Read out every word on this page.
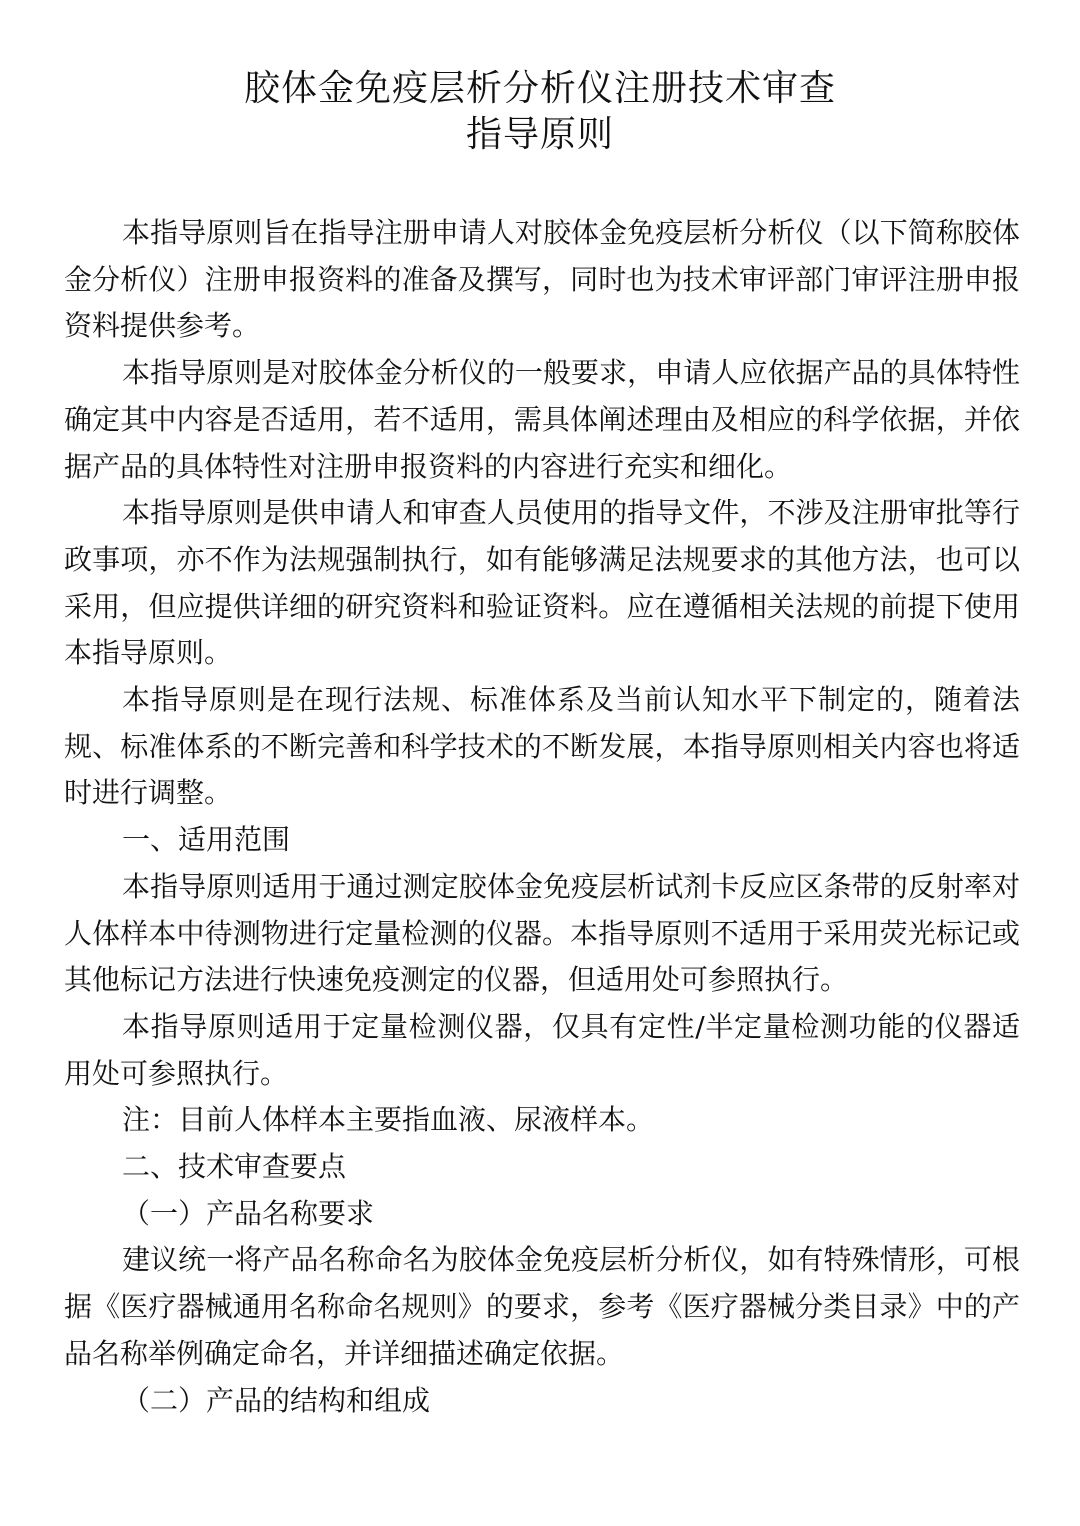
胶体金免疫层析分析仪注册技术审查
指导原则

本指导原则旨在指导注册申请人对胶体金免疫层析分析仪（以下简称胶体金分析仪）注册申报资料的准备及撰写，同时也为技术审评部门审评注册申报资料提供参考。

本指导原则是对胶体金分析仪的一般要求，申请人应依据产品的具体特性确定其中内容是否适用，若不适用，需具体阐述理由及相应的科学依据，并依据产品的具体特性对注册申报资料的内容进行充实和细化。

本指导原则是供申请人和审查人员使用的指导文件，不涉及注册审批等行政事项，亦不作为法规强制执行，如有能够满足法规要求的其他方法，也可以采用，但应提供详细的研究资料和验证资料。应在遵循相关法规的前提下使用本指导原则。

本指导原则是在现行法规、标准体系及当前认知水平下制定的，随着法规、标准体系的不断完善和科学技术的不断发展，本指导原则相关内容也将适时进行调整。

一、适用范围

本指导原则适用于通过测定胶体金免疫层析试剂卡反应区条带的反射率对人体样本中待测物进行定量检测的仪器。本指导原则不适用于采用荧光标记或其他标记方法进行快速免疫测定的仪器，但适用处可参照执行。

本指导原则适用于定量检测仪器，仅具有定性/半定量检测功能的仪器适用处可参照执行。

注：目前人体样本主要指血液、尿液样本。

二、技术审查要点

（一）产品名称要求

建议统一将产品名称命名为胶体金免疫层析分析仪，如有特殊情形，可根据《医疗器械通用名称命名规则》的要求，参考《医疗器械分类目录》中的产品名称举例确定命名，并详细描述确定依据。

（二）产品的结构和组成
